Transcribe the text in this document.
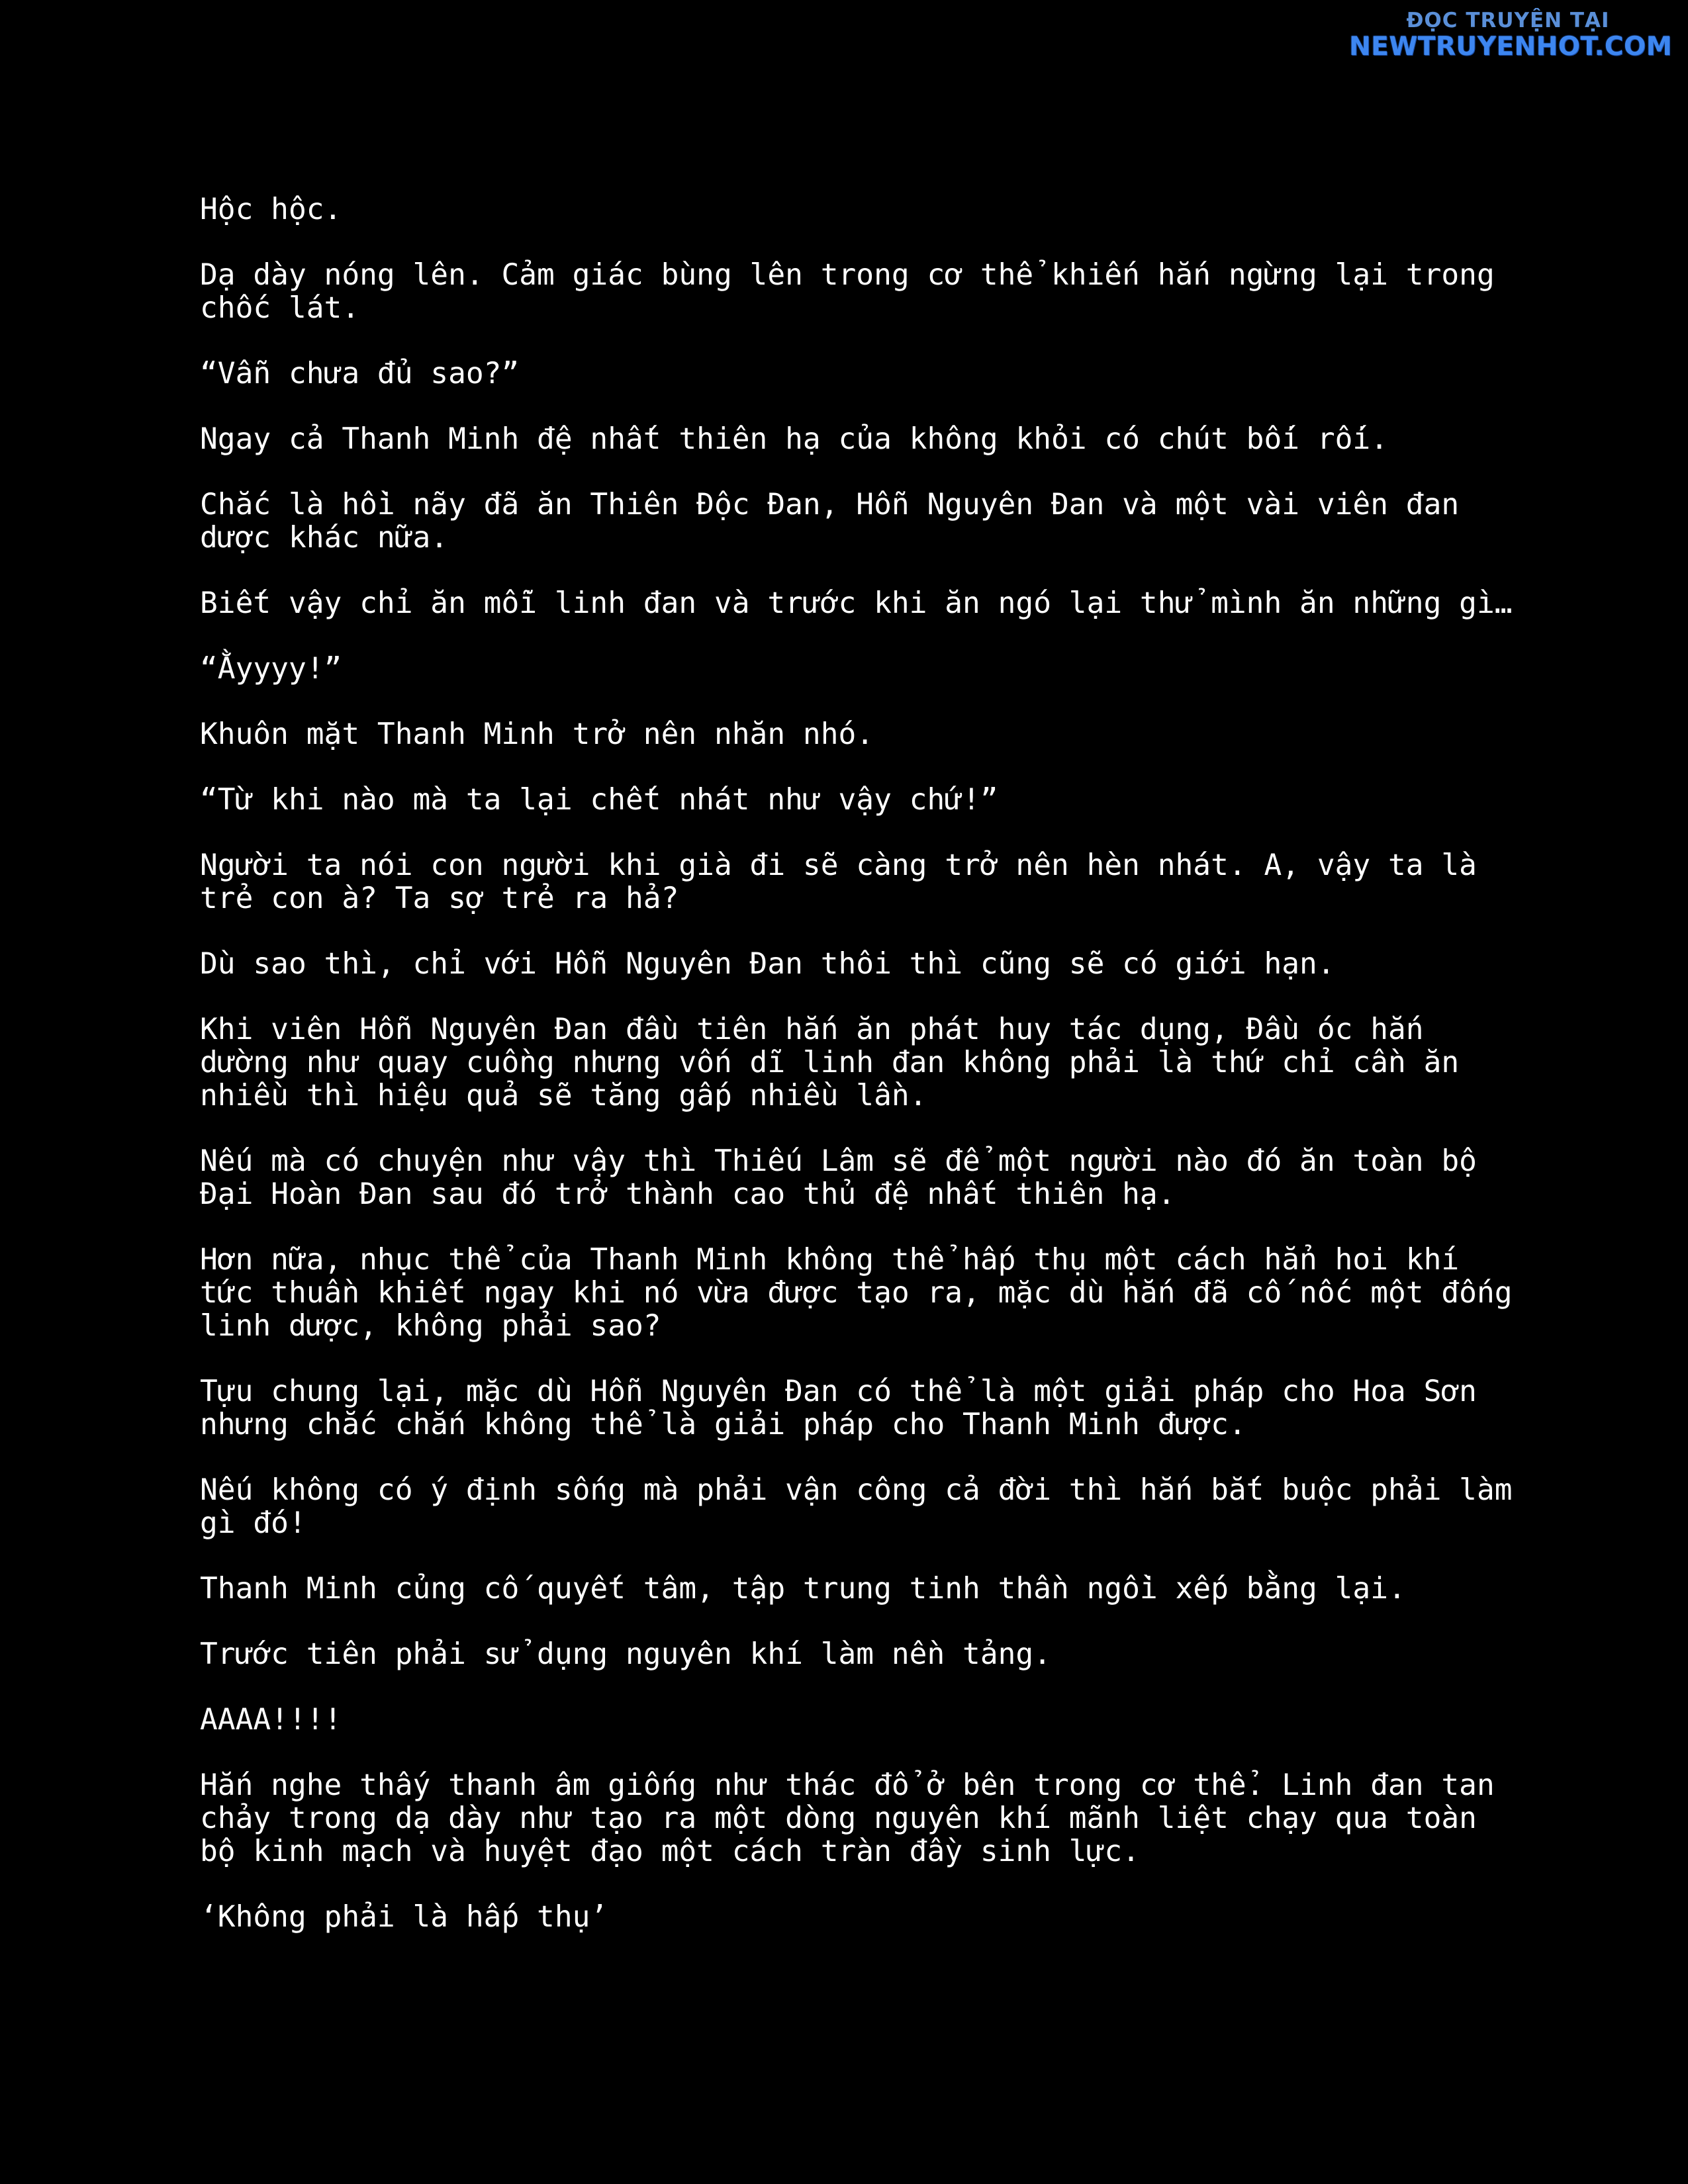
ĐỌC TRUYỆN TẠI
NEWTRUYENHOT.COM

Hộc hộc.

Dạ dày nóng lên. Cảm giác bùng lên trong cơ thể khiến hắn ngừng lại trong
chốc lát.

“Vẫn chưa đủ sao?”

Ngay cả Thanh Minh đệ nhất thiên hạ của không khỏi có chút bối rối.

Chắc là hồi nãy đã ăn Thiên Độc Đan, Hỗn Nguyên Đan và một vài viên đan
dược khác nữa.

Biết vậy chỉ ăn mỗi linh đan và trước khi ăn ngó lại thử mình ăn những gì…

“Ằyyyy!”

Khuôn mặt Thanh Minh trở nên nhăn nhó.

“Từ khi nào mà ta lại chết nhát như vậy chứ!”

Người ta nói con người khi già đi sẽ càng trở nên hèn nhát. A, vậy ta là
trẻ con à? Ta sợ trẻ ra hả?

Dù sao thì, chỉ với Hỗn Nguyên Đan thôi thì cũng sẽ có giới hạn.

Khi viên Hỗn Nguyên Đan đầu tiên hắn ăn phát huy tác dụng, Đầu óc hắn
dường như quay cuồng nhưng vốn dĩ linh đan không phải là thứ chỉ cần ăn
nhiều thì hiệu quả sẽ tăng gấp nhiều lần.

Nếu mà có chuyện như vậy thì Thiếu Lâm sẽ để một người nào đó ăn toàn bộ
Đại Hoàn Đan sau đó trở thành cao thủ đệ nhất thiên hạ.

Hơn nữa, nhục thể của Thanh Minh không thể hấp thụ một cách hẳn hoi khí
tức thuần khiết ngay khi nó vừa được tạo ra, mặc dù hắn đã cố nốc một đống
linh dược, không phải sao?

Tựu chung lại, mặc dù Hỗn Nguyên Đan có thể là một giải pháp cho Hoa Sơn
nhưng chắc chắn không thể là giải pháp cho Thanh Minh được.

Nếu không có ý định sống mà phải vận công cả đời thì hắn bắt buộc phải làm
gì đó!

Thanh Minh củng cố quyết tâm, tập trung tinh thần ngồi xếp bằng lại.

Trước tiên phải sử dụng nguyên khí làm nền tảng.

AAAA!!!!

Hắn nghe thấy thanh âm giống như thác đổ ở bên trong cơ thể. Linh đan tan
chảy trong dạ dày như tạo ra một dòng nguyên khí mãnh liệt chạy qua toàn
bộ kinh mạch và huyệt đạo một cách tràn đầy sinh lực.

‘Không phải là hấp thụ’
